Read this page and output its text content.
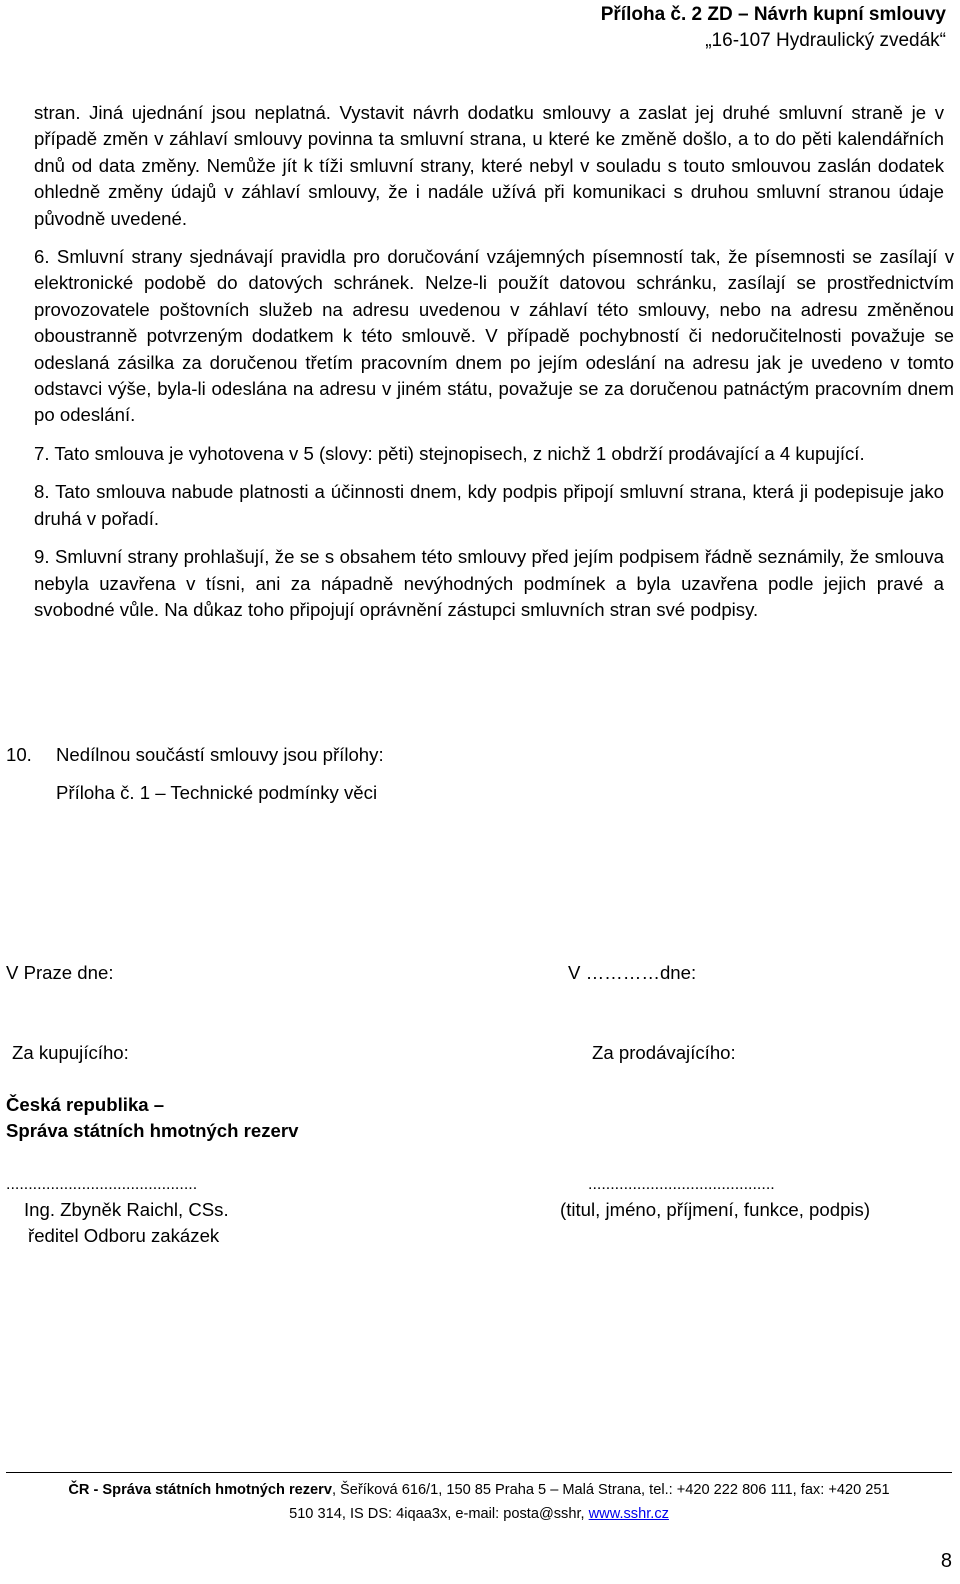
Příloha č. 2 ZD – Návrh kupní smlouvy
„16-107 Hydraulický zvedák“

stran. Jiná ujednání jsou neplatná. Vystavit návrh dodatku smlouvy a zaslat jej druhé smluvní straně je v případě změn v záhlaví smlouvy povinna ta smluvní strana, u které ke změně došlo, a to do pěti kalendářních dnů od data změny. Nemůže jít k tíži smluvní strany, které nebyl v souladu s touto smlouvou zaslán dodatek ohledně změny údajů v záhlaví smlouvy, že i nadále užívá při komunikaci s druhou smluvní stranou údaje původně uvedené.

6. Smluvní strany sjednávají pravidla pro doručování vzájemných písemností tak, že písemnosti se zasílají v elektronické podobě do datových schránek. Nelze-li použít datovou schránku, zasílají se prostřednictvím provozovatele poštovních služeb na adresu uvedenou v záhlaví této smlouvy, nebo na adresu změněnou oboustranně potvrzeným dodatkem k této smlouvě. V případě pochybností či nedoručitelnosti považuje se odeslaná zásilka za doručenou třetím pracovním dnem po jejím odeslání na adresu jak je uvedeno v tomto odstavci výše, byla-li odeslána na adresu v jiném státu, považuje se za doručenou patnáctým pracovním dnem po odeslání.
7. Tato smlouva je vyhotovena v 5 (slovy: pěti) stejnopisech, z nichž 1 obdrží prodávající a 4 kupující.
8. Tato smlouva nabude platnosti a účinnosti dnem, kdy podpis připojí smluvní strana, která ji podepisuje jako druhá v pořadí.
9. Smluvní strany prohlašují, že se s obsahem této smlouvy před jejím podpisem řádně seznámily, že smlouva nebyla uzavřena v tísni, ani za nápadně nevýhodných podmínek a byla uzavřena podle jejich pravé a svobodné vůle. Na důkaz toho připojují oprávnění zástupci smluvních stran své podpisy.
10. Nedílnou součástí smlouvy jsou přílohy:
Příloha č. 1 – Technické podmínky věci
V Praze dne:	V …………dne:
Za kupujícího:	Za prodávajícího:
Česká republika –
Správa státních hmotných rezerv
...........................................	..........................................
Ing. Zbyněk Raichl, CSs.
ředitel Odboru zakázek
(titul, jméno, příjmení, funkce, podpis)
ČR - Správa státních hmotných rezerv, Šeříková 616/1, 150 85 Praha 5 – Malá Strana, tel.: +420 222 806 111, fax: +420 251
510 314, IS DS: 4iqaa3x, e-mail: posta@sshr, www.sshr.cz
8
